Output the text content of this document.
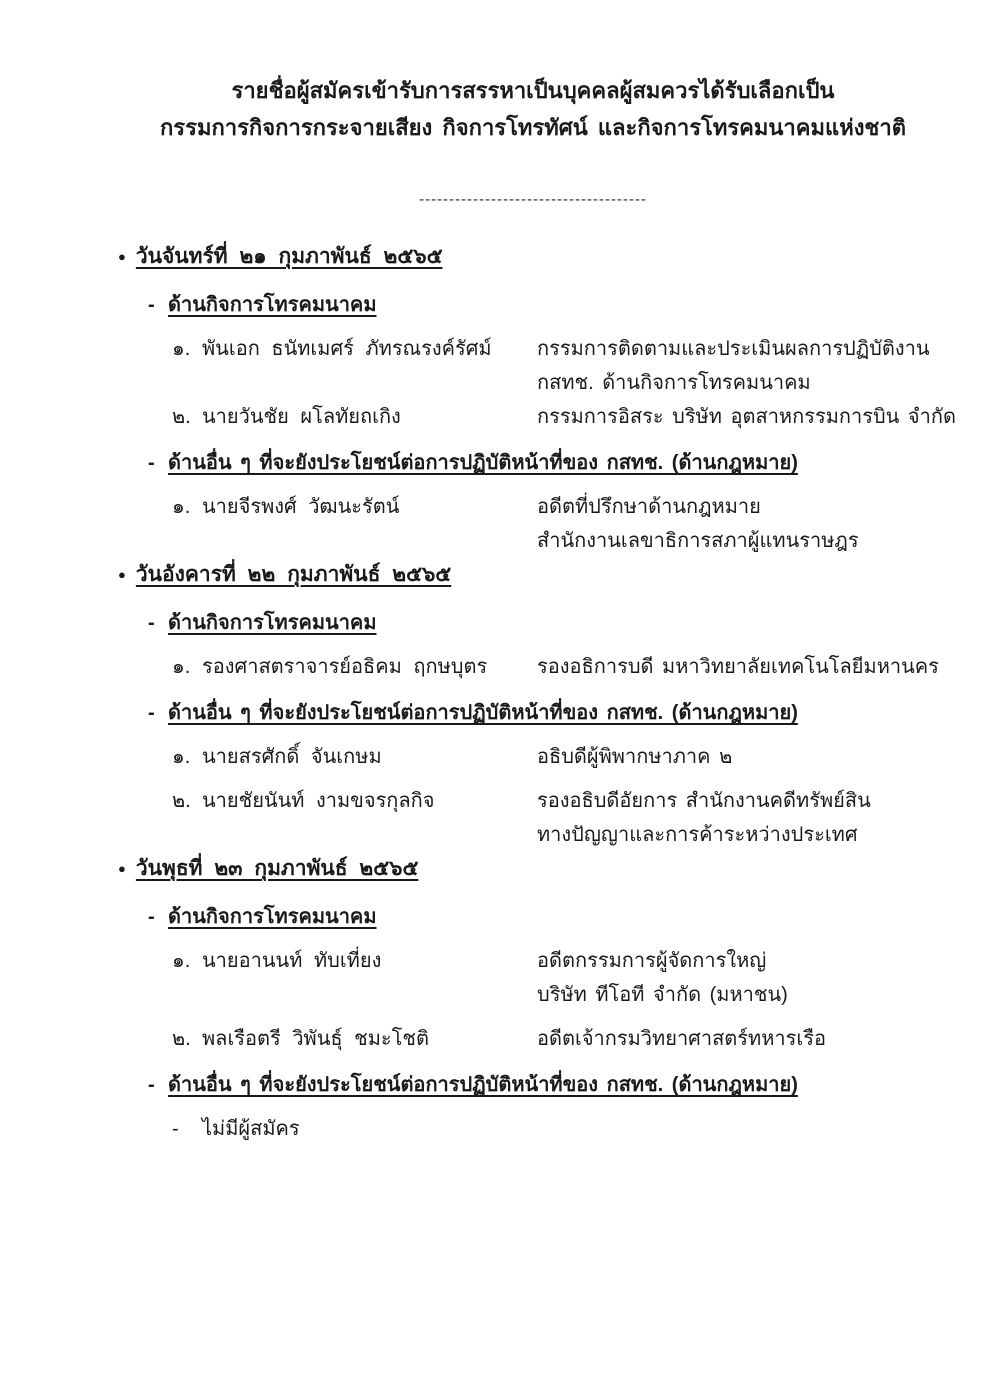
รายชื่อผู้สมัครเข้ารับการสรรหาเป็นบุคคลผู้สมควรได้รับเลือกเป็น
กรรมการกิจการกระจายเสียง กิจการโทรทัศน์ และกิจการโทรคมนาคมแห่งชาติ
--------------------------------------
● วันจันทร์ที่ ๒๑ กุมภาพันธ์ ๒๕๖๕
- ด้านกิจการโทรคมนาคม
๑. พันเอก ธนัทเมศร์ ภัทรณรงค์รัศม์	กรรมการติดตามและประเมินผลการปฏิบัติงาน
กสทช. ด้านกิจการโทรคมนาคม
๒. นายวันชัย ผโลทัยถเกิง	กรรมการอิสระ บริษัท อุตสาหกรรมการบิน จำกัด
- ด้านอื่น ๆ ที่จะยังประโยชน์ต่อการปฏิบัติหน้าที่ของ กสทช. (ด้านกฎหมาย)
๑. นายจีรพงศ์ วัฒนะรัตน์	อดีตที่ปรึกษาด้านกฎหมาย
สำนักงานเลขาธิการสภาผู้แทนราษฎร
● วันอังคารที่ ๒๒ กุมภาพันธ์ ๒๕๖๕
- ด้านกิจการโทรคมนาคม
๑. รองศาสตราจารย์อธิคม ฤกษบุตร	รองอธิการบดี มหาวิทยาลัยเทคโนโลยีมหานคร
- ด้านอื่น ๆ ที่จะยังประโยชน์ต่อการปฏิบัติหน้าที่ของ กสทช. (ด้านกฎหมาย)
๑. นายสรศักดิ์ จันเกษม	อธิบดีผู้พิพากษาภาค ๒
๒. นายชัยนันท์ งามขจรกุลกิจ	รองอธิบดีอัยการ สำนักงานคดีทรัพย์สิน
ทางปัญญาและการค้าระหว่างประเทศ
● วันพุธที่ ๒๓ กุมภาพันธ์ ๒๕๖๕
- ด้านกิจการโทรคมนาคม
๑. นายอานนท์ ทับเที่ยง	อดีตกรรมการผู้จัดการใหญ่
บริษัท ทีโอที จำกัด (มหาชน)
๒. พลเรือตรี วิพันธุ์ ชมะโชติ	อดีตเจ้ากรมวิทยาศาสตร์ทหารเรือ
- ด้านอื่น ๆ ที่จะยังประโยชน์ต่อการปฏิบัติหน้าที่ของ กสทช. (ด้านกฎหมาย)
-	ไม่มีผู้สมัคร
